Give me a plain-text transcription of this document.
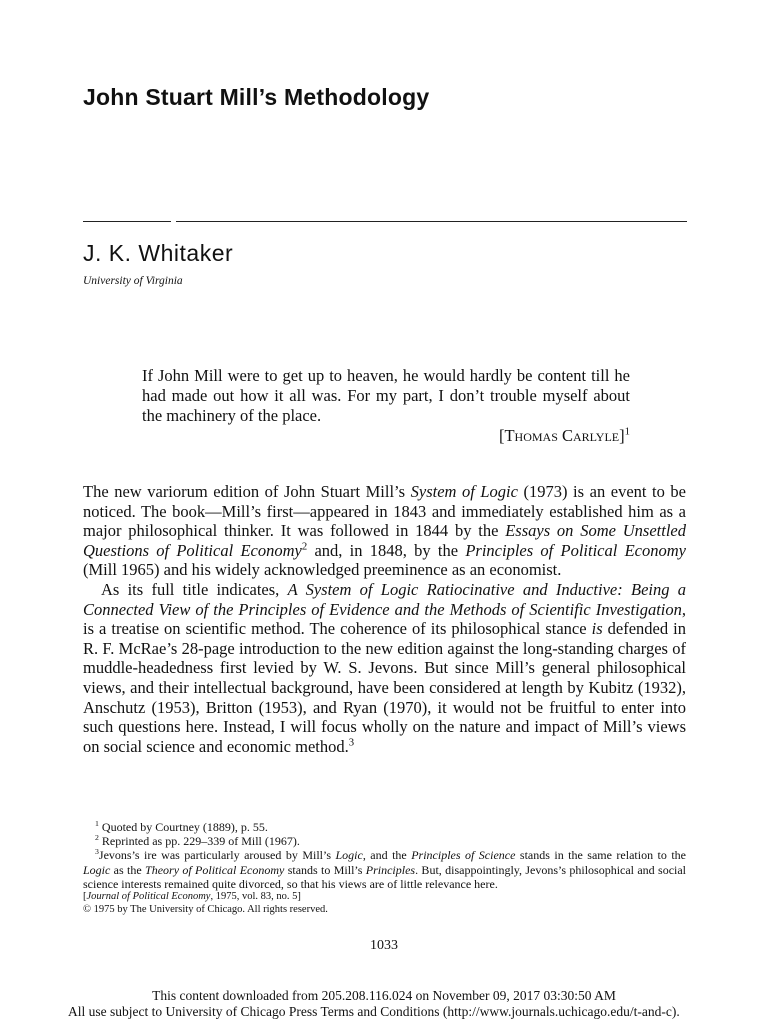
John Stuart Mill’s Methodology
J. K. Whitaker
University of Virginia
If John Mill were to get up to heaven, he would hardly be content till he had made out how it all was. For my part, I don’t trouble myself about the machinery of the place.
[Thomas Carlyle]$^1$

The new variorum edition of John Stuart Mill’s System of Logic (1973) is an event to be noticed. The book—Mill’s first—appeared in 1843 and immediately established him as a major philosophical thinker. It was followed in 1844 by the Essays on Some Unsettled Questions of Political Economy$^2$ and, in 1848, by the Principles of Political Economy (Mill 1965) and his widely acknowledged preeminence as an economist.

As its full title indicates, A System of Logic Ratiocinative and Inductive: Being a Connected View of the Principles of Evidence and the Methods of Scientific Investigation, is a treatise on scientific method. The coherence of its philosophical stance is defended in R. F. McRae’s 28-page introduction to the new edition against the long-standing charges of muddle-headedness first levied by W. S. Jevons. But since Mill’s general philosophical views, and their intellectual background, have been considered at length by Kubitz (1932), Anschutz (1953), Britton (1953), and Ryan (1970), it would not be fruitful to enter into such questions here. Instead, I will focus wholly on the nature and impact of Mill’s views on social science and economic method.$^3$

$^1$ Quoted by Courtney (1889), p. 55.

$^2$ Reprinted as pp. 229–339 of Mill (1967).

$^3$Jevons’s ire was particularly aroused by Mill’s Logic, and the Principles of Science stands in the same relation to the Logic as the Theory of Political Economy stands to Mill’s Principles. But, disappointingly, Jevons’s philosophical and social science interests remained quite divorced, so that his views are of little relevance here.

[Journal of Political Economy, 1975, vol. 83, no. 5]

© 1975 by The University of Chicago. All rights reserved.

1033
This content downloaded from 205.208.116.024 on November 09, 2017 03:30:50 AM
All use subject to University of Chicago Press Terms and Conditions (http://www.journals.uchicago.edu/t-and-c).
